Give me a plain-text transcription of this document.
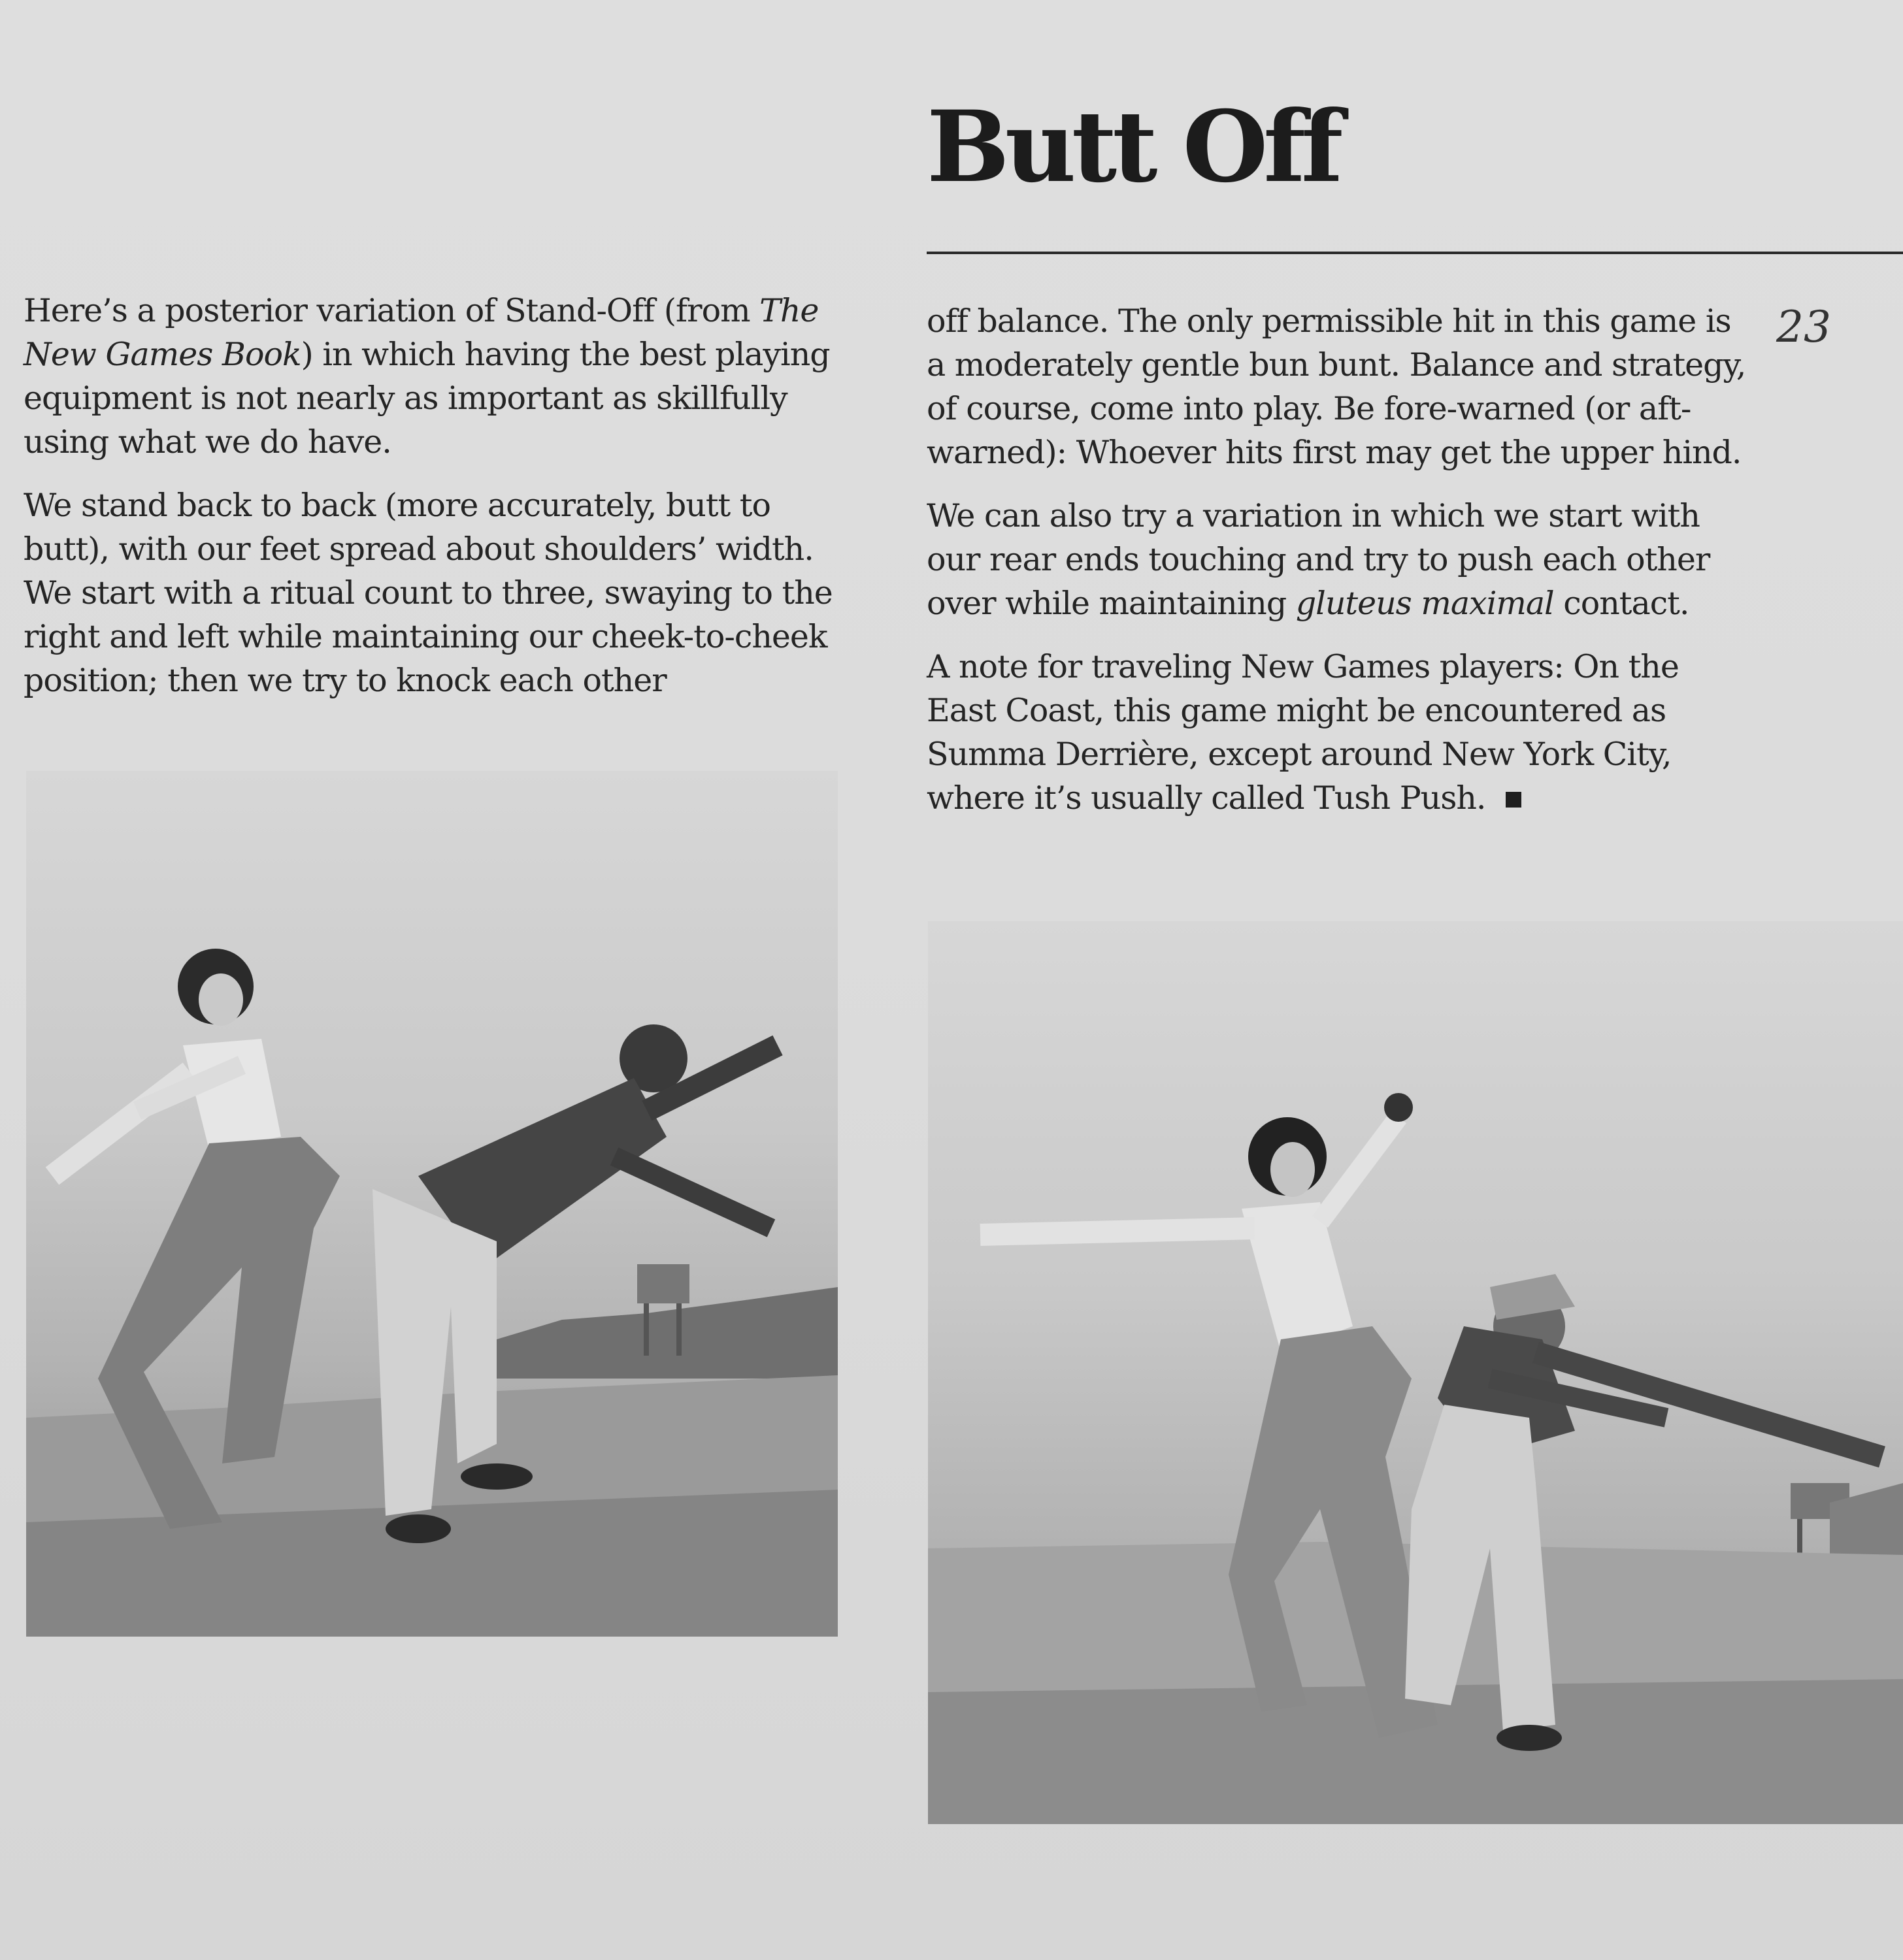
Butt Off
23

Here’s a posterior variation of Stand-Off (from The New Games Book) in which having the best playing equipment is not nearly as important as skillfully using what we do have.

We stand back to back (more accurately, butt to butt), with our feet spread about shoulders’ width. We start with a ritual count to three, swaying to the right and left while maintaining our cheek-to-cheek position; then we try to knock each other

off balance. The only permissible hit in this game is a moderately gentle bun bunt. Balance and strategy, of course, come into play. Be fore-warned (or aft-warned): Whoever hits first may get the upper hind.

We can also try a variation in which we start with our rear ends touching and try to push each other over while maintaining gluteus maximal contact.

A note for traveling New Games players: On the East Coast, this game might be encountered as Summa Derrière, except around New York City, where it’s usually called Tush Push.
